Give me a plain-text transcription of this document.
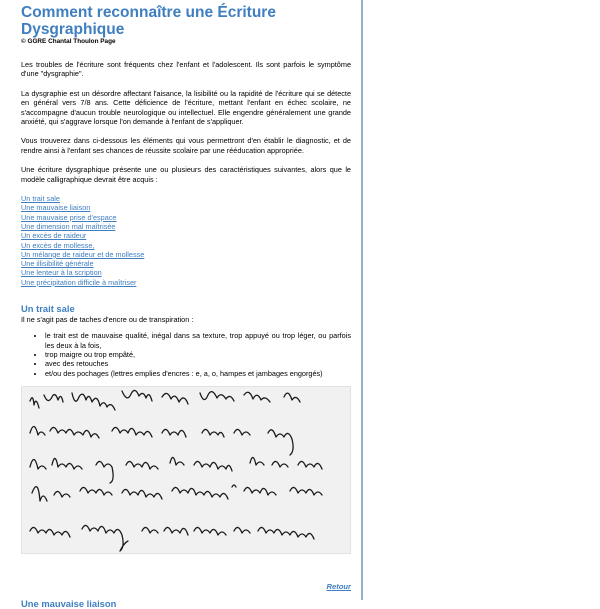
Comment reconnaître une Écriture
Dysgraphique
© GGRE Chantal Thoulon Page

Les troubles de l'écriture sont fréquents chez l'enfant et l'adolescent. Ils sont parfois le symptôme d'une "dysgraphie".

La dysgraphie est un désordre affectant l'aisance, la lisibilité ou la rapidité de l'écriture qui se détecte en général vers 7/8 ans. Cette déficience de l'écriture, mettant l'enfant en échec scolaire, ne s'accompagne d'aucun trouble neurologique ou intellectuel. Elle engendre généralement une grande anxiété, qui s'aggrave lorsque l'on demande à l'enfant de s'appliquer.

Vous trouverez dans ci-dessous les éléments qui vous permettront d'en établir le diagnostic, et de rendre ainsi à l'enfant ses chances de réussite scolaire par une rééducation appropriée.

Une écriture dysgraphique présente une ou plusieurs des caractéristiques suivantes, alors que le modèle calligraphique devrait être acquis :

Un trait sale
Une mauvaise liaison
Une mauvaise prise d'espace
Une dimension mal maîtrisée
Un excès de raideur
Un excès de mollesse,
Un mélange de raideur et de mollesse
Une illisibilité générale
Une lenteur à la scription
Une précipitation difficile à maîtriser
Un trait sale

Il ne s'agit pas de taches d'encre ou de transpiration :

• le trait est de mauvaise qualité, inégal dans sa texture, trop appuyé ou trop léger, ou parfois les deux à la fois,
• trop maigre ou trop empâté,
• avec des retouches
• et/ou des pochages (lettres emplies d'encres : e, a, o, hampes et jambages engorgés)
Retour
Une mauvaise liaison
